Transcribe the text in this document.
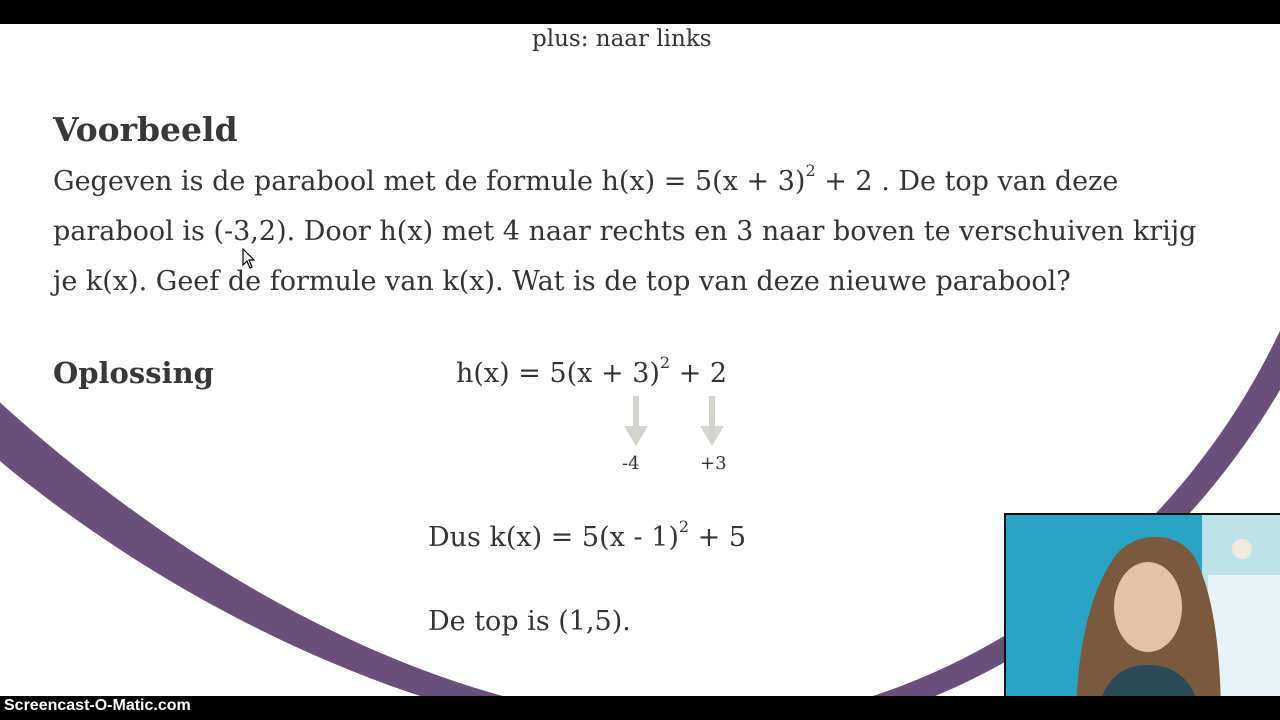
plus: naar links
Voorbeeld
Gegeven is de parabool met de formule $h(x) = 5(x + 3)^2 + 2$ . De top van deze
parabool is (-3,2). Door h(x) met 4 naar rechts en 3 naar boven te verschuiven krijg
je k(x). Geef de formule van k(x). Wat is de top van deze nieuwe parabool?
Oplossing	$h(x) = 5(x + 3)^2 + 2$
-4	+3
Dus k(x) = 5(x - 1)$^2$ + 5
De top is (1,5).
Screencast-O-Matic.com
